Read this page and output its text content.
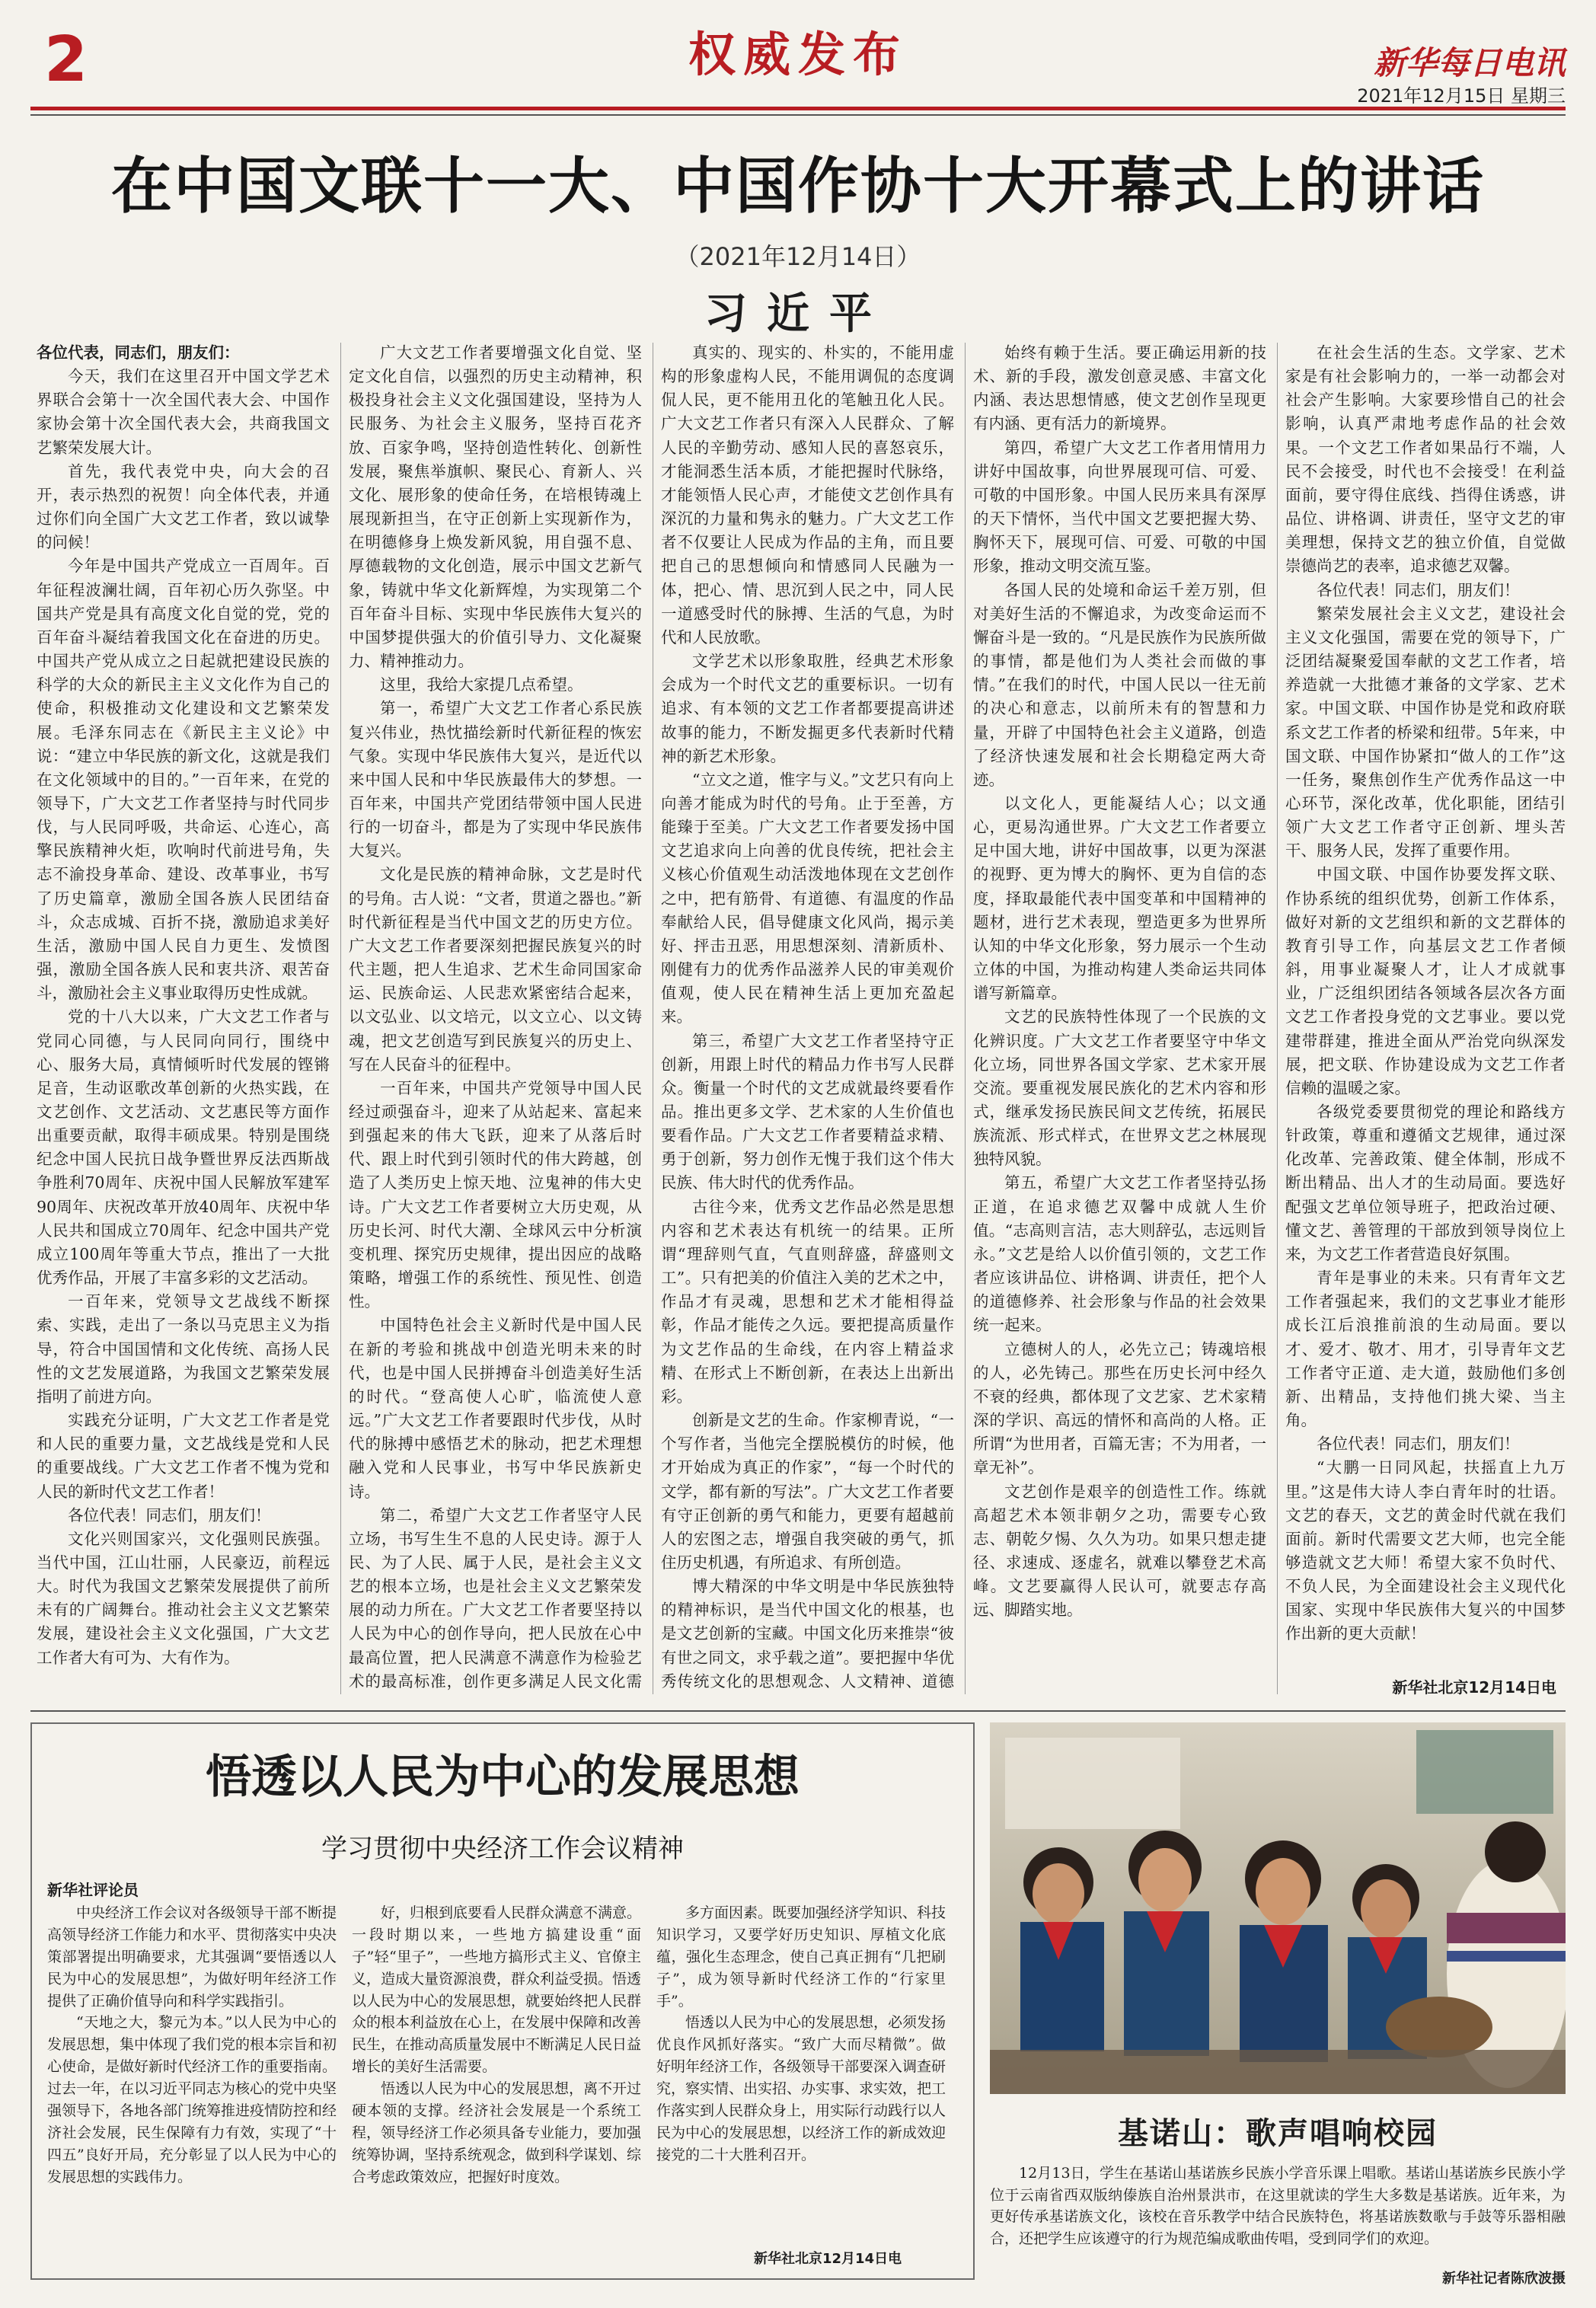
2	权威发布	新华每日电讯
2021年12月15日 星期三
在中国文联十一大、中国作协十大开幕式上的讲话
（2021年12月14日）
习近平

各位代表，同志们，朋友们：

今天，我们在这里召开中国文学艺术界联合会第十一次全国代表大会、中国作家协会第十次全国代表大会，共商我国文艺繁荣发展大计。

首先，我代表党中央，向大会的召开，表示热烈的祝贺！向全体代表，并通过你们向全国广大文艺工作者，致以诚挚的问候！

今年是中国共产党成立一百周年。百年征程波澜壮阔，百年初心历久弥坚。中国共产党是具有高度文化自觉的党，党的百年奋斗凝结着我国文化在奋进的历史。中国共产党从成立之日起就把建设民族的科学的大众的新民主主义文化作为自己的使命，积极推动文化建设和文艺繁荣发展。毛泽东同志在《新民主主义论》中说：“建立中华民族的新文化，这就是我们在文化领域中的目的。”一百年来，在党的领导下，广大文艺工作者坚持与时代同步伐，与人民同呼吸，共命运、心连心，高擎民族精神火炬，吹响时代前进号角，失志不渝投身革命、建设、改革事业，书写了历史篇章，激励全国各族人民团结奋斗，众志成城、百折不挠，激励追求美好生活，激励中国人民自力更生、发愤图强，激励全国各族人民和衷共济、艰苦奋斗，激励社会主义事业取得历史性成就。

党的十八大以来，广大文艺工作者与党同心同德，与人民同向同行，围绕中心、服务大局，真情倾听时代发展的铿锵足音，生动讴歌改革创新的火热实践，在文艺创作、文艺活动、文艺惠民等方面作出重要贡献，取得丰硕成果。特别是围绕纪念中国人民抗日战争暨世界反法西斯战争胜利70周年、庆祝中国人民解放军建军90周年、庆祝改革开放40周年、庆祝中华人民共和国成立70周年、纪念中国共产党成立100周年等重大节点，推出了一大批优秀作品，开展了丰富多彩的文艺活动。

一百年来，党领导文艺战线不断探索、实践，走出了一条以马克思主义为指导，符合中国国情和文化传统、高扬人民性的文艺发展道路，为我国文艺繁荣发展指明了前进方向。

实践充分证明，广大文艺工作者是党和人民的重要力量，文艺战线是党和人民的重要战线。广大文艺工作者不愧为党和人民的新时代文艺工作者！

各位代表！同志们，朋友们！

文化兴则国家兴，文化强则民族强。当代中国，江山壮丽，人民豪迈，前程远大。时代为我国文艺繁荣发展提供了前所未有的广阔舞台。推动社会主义文艺繁荣发展，建设社会主义文化强国，广大文艺工作者大有可为、大有作为。

广大文艺工作者要增强文化自觉、坚定文化自信，以强烈的历史主动精神，积极投身社会主义文化强国建设，坚持为人民服务、为社会主义服务，坚持百花齐放、百家争鸣，坚持创造性转化、创新性发展，聚焦举旗帜、聚民心、育新人、兴文化、展形象的使命任务，在培根铸魂上展现新担当，在守正创新上实现新作为，在明德修身上焕发新风貌，用自强不息、厚德载物的文化创造，展示中国文艺新气象，铸就中华文化新辉煌，为实现第二个百年奋斗目标、实现中华民族伟大复兴的中国梦提供强大的价值引导力、文化凝聚力、精神推动力。

这里，我给大家提几点希望。

第一，希望广大文艺工作者心系民族复兴伟业，热忱描绘新时代新征程的恢宏气象。实现中华民族伟大复兴，是近代以来中国人民和中华民族最伟大的梦想。一百年来，中国共产党团结带领中国人民进行的一切奋斗，都是为了实现中华民族伟大复兴。

文化是民族的精神命脉，文艺是时代的号角。古人说：“文者，贯道之器也。”新时代新征程是当代中国文艺的历史方位。广大文艺工作者要深刻把握民族复兴的时代主题，把人生追求、艺术生命同国家命运、民族命运、人民悲欢紧密结合起来，以文弘业、以文培元，以文立心、以文铸魂，把文艺创造写到民族复兴的历史上、写在人民奋斗的征程中。

一百年来，中国共产党领导中国人民经过顽强奋斗，迎来了从站起来、富起来到强起来的伟大飞跃，迎来了从落后时代、跟上时代到引领时代的伟大跨越，创造了人类历史上惊天地、泣鬼神的伟大史诗。广大文艺工作者要树立大历史观，从历史长河、时代大潮、全球风云中分析演变机理、探究历史规律，提出因应的战略策略，增强工作的系统性、预见性、创造性。

中国特色社会主义新时代是中国人民在新的考验和挑战中创造光明未来的时代，也是中国人民拼搏奋斗创造美好生活的时代。“登高使人心旷，临流使人意远。”广大文艺工作者要跟时代步伐，从时代的脉搏中感悟艺术的脉动，把艺术理想融入党和人民事业，书写中华民族新史诗。

第二，希望广大文艺工作者坚守人民立场，书写生生不息的人民史诗。源于人民、为了人民、属于人民，是社会主义文艺的根本立场，也是社会主义文艺繁荣发展的动力所在。广大文艺工作者要坚持以人民为中心的创作导向，把人民放在心中最高位置，把人民满意不满意作为检验艺术的最高标准，创作更多满足人民文化需

真实的、现实的、朴实的，不能用虚构的形象虚构人民，不能用调侃的态度调侃人民，更不能用丑化的笔触丑化人民。广大文艺工作者只有深入人民群众、了解人民的辛勤劳动、感知人民的喜怒哀乐，才能洞悉生活本质，才能把握时代脉络，才能领悟人民心声，才能使文艺创作具有深沉的力量和隽永的魅力。广大文艺工作者不仅要让人民成为作品的主角，而且要把自己的思想倾向和情感同人民融为一体，把心、情、思沉到人民之中，同人民一道感受时代的脉搏、生活的气息，为时代和人民放歌。

文学艺术以形象取胜，经典艺术形象会成为一个时代文艺的重要标识。一切有追求、有本领的文艺工作者都要提高讲述故事的能力，不断发掘更多代表新时代精神的新艺术形象。

“立文之道，惟字与义。”文艺只有向上向善才能成为时代的号角。止于至善，方能臻于至美。广大文艺工作者要发扬中国文艺追求向上向善的优良传统，把社会主义核心价值观生动活泼地体现在文艺创作之中，把有筋骨、有道德、有温度的作品奉献给人民，倡导健康文化风尚，揭示美好、抨击丑恶，用思想深刻、清新质朴、刚健有力的优秀作品滋养人民的审美观价值观，使人民在精神生活上更加充盈起来。

第三，希望广大文艺工作者坚持守正创新，用跟上时代的精品力作书写人民群众。衡量一个时代的文艺成就最终要看作品。推出更多文学、艺术家的人生价值也要看作品。广大文艺工作者要精益求精、勇于创新，努力创作无愧于我们这个伟大民族、伟大时代的优秀作品。

古往今来，优秀文艺作品必然是思想内容和艺术表达有机统一的结果。正所谓“理辞则气直，气直则辞盛，辞盛则文工”。只有把美的价值注入美的艺术之中，作品才有灵魂，思想和艺术才能相得益彰，作品才能传之久远。要把提高质量作为文艺作品的生命线，在内容上精益求精、在形式上不断创新，在表达上出新出彩。

创新是文艺的生命。作家柳青说，“一个写作者，当他完全摆脱模仿的时候，他才开始成为真正的作家”，“每一个时代的文学，都有新的写法”。广大文艺工作者要有守正创新的勇气和能力，更要有超越前人的宏图之志，增强自我突破的勇气，抓住历史机遇，有所追求、有所创造。

博大精深的中华文明是中华民族独特的精神标识，是当代中国文化的根基，也是文艺创新的宝藏。中国文化历来推崇“彼有世之同文，求乎载之道”。要把握中华优秀传统文化的思想观念、人文精神、道德

始终有赖于生活。要正确运用新的技术、新的手段，激发创意灵感、丰富文化内涵、表达思想情感，使文艺创作呈现更有内涵、更有活力的新境界。

第四，希望广大文艺工作者用情用力讲好中国故事，向世界展现可信、可爱、可敬的中国形象。中国人民历来具有深厚的天下情怀，当代中国文艺要把握大势、胸怀天下，展现可信、可爱、可敬的中国形象，推动文明交流互鉴。

各国人民的处境和命运千差万别，但对美好生活的不懈追求，为改变命运而不懈奋斗是一致的。“凡是民族作为民族所做的事情，都是他们为人类社会而做的事情。”在我们的时代，中国人民以一往无前的决心和意志，以前所未有的智慧和力量，开辟了中国特色社会主义道路，创造了经济快速发展和社会长期稳定两大奇迹。

以文化人，更能凝结人心；以文通心，更易沟通世界。广大文艺工作者要立足中国大地，讲好中国故事，以更为深湛的视野、更为博大的胸怀、更为自信的态度，择取最能代表中国变革和中国精神的题材，进行艺术表现，塑造更多为世界所认知的中华文化形象，努力展示一个生动立体的中国，为推动构建人类命运共同体谱写新篇章。

文艺的民族特性体现了一个民族的文化辨识度。广大文艺工作者要坚守中华文化立场，同世界各国文学家、艺术家开展交流。要重视发展民族化的艺术内容和形式，继承发扬民族民间文艺传统，拓展民族流派、形式样式，在世界文艺之林展现独特风貌。

第五，希望广大文艺工作者坚持弘扬正道，在追求德艺双馨中成就人生价值。“志高则言洁，志大则辞弘，志远则旨永。”文艺是给人以价值引领的，文艺工作者应该讲品位、讲格调、讲责任，把个人的道德修养、社会形象与作品的社会效果统一起来。

立德树人的人，必先立己；铸魂培根的人，必先铸己。那些在历史长河中经久不衰的经典，都体现了文艺家、艺术家精深的学识、高远的情怀和高尚的人格。正所谓“为世用者，百篇无害；不为用者，一章无补”。

文艺创作是艰辛的创造性工作。练就高超艺术本领非朝夕之功，需要专心致志、朝乾夕惕、久久为功。如果只想走捷径、求速成、逐虚名，就难以攀登艺术高峰。文艺要赢得人民认可，就要志存高远、脚踏实地。

在社会生活的生态。文学家、艺术家是有社会影响力的，一举一动都会对社会产生影响。大家要珍惜自己的社会影响，认真严肃地考虑作品的社会效果。一个文艺工作者如果品行不端，人民不会接受，时代也不会接受！在利益面前，要守得住底线、挡得住诱惑，讲品位、讲格调、讲责任，坚守文艺的审美理想，保持文艺的独立价值，自觉做崇德尚艺的表率，追求德艺双馨。

各位代表！同志们，朋友们！

繁荣发展社会主义文艺，建设社会主义文化强国，需要在党的领导下，广泛团结凝聚爱国奉献的文艺工作者，培养造就一大批德才兼备的文学家、艺术家。中国文联、中国作协是党和政府联系文艺工作者的桥梁和纽带。5年来，中国文联、中国作协紧扣“做人的工作”这一任务，聚焦创作生产优秀作品这一中心环节，深化改革，优化职能，团结引领广大文艺工作者守正创新、埋头苦干、服务人民，发挥了重要作用。

中国文联、中国作协要发挥文联、作协系统的组织优势，创新工作体系，做好对新的文艺组织和新的文艺群体的教育引导工作，向基层文艺工作者倾斜，用事业凝聚人才，让人才成就事业，广泛组织团结各领域各层次各方面文艺工作者投身党的文艺事业。要以党建带群建，推进全面从严治党向纵深发展，把文联、作协建设成为文艺工作者信赖的温暖之家。

各级党委要贯彻党的理论和路线方针政策，尊重和遵循文艺规律，通过深化改革、完善政策、健全体制，形成不断出精品、出人才的生动局面。要选好配强文艺单位领导班子，把政治过硬、懂文艺、善管理的干部放到领导岗位上来，为文艺工作者营造良好氛围。

青年是事业的未来。只有青年文艺工作者强起来，我们的文艺事业才能形成长江后浪推前浪的生动局面。要以才、爱才、敬才、用才，引导青年文艺工作者守正道、走大道，鼓励他们多创新、出精品，支持他们挑大梁、当主角。

各位代表！同志们，朋友们！

“大鹏一日同风起，扶摇直上九万里。”这是伟大诗人李白青年时的壮语。文艺的春天，文艺的黄金时代就在我们面前。新时代需要文艺大师，也完全能够造就文艺大师！希望大家不负时代、不负人民，为全面建设社会主义现代化国家、实现中华民族伟大复兴的中国梦作出新的更大贡献！

新华社北京12月14日电
悟透以人民为中心的发展思想
学习贯彻中央经济工作会议精神
新华社评论员

中央经济工作会议对各级领导干部不断提高领导经济工作能力和水平、贯彻落实中央决策部署提出明确要求，尤其强调“要悟透以人民为中心的发展思想”，为做好明年经济工作提供了正确价值导向和科学实践指引。

“天地之大，黎元为本。”以人民为中心的发展思想，集中体现了我们党的根本宗旨和初心使命，是做好新时代经济工作的重要指南。过去一年，在以习近平同志为核心的党中央坚强领导下，各地各部门统筹推进疫情防控和经济社会发展，民生保障有力有效，实现了“十四五”良好开局，充分彰显了以人民为中心的发展思想的实践伟力。

好，归根到底要看人民群众满意不满意。一段时期以来，一些地方搞建设重“面子”轻“里子”，一些地方搞形式主义、官僚主义，造成大量资源浪费，群众利益受损。悟透以人民为中心的发展思想，就要始终把人民群众的根本利益放在心上，在发展中保障和改善民生，在推动高质量发展中不断满足人民日益增长的美好生活需要。

悟透以人民为中心的发展思想，离不开过硬本领的支撑。经济社会发展是一个系统工程，领导经济工作必须具备专业能力，要加强统筹协调，坚持系统观念，做到科学谋划、综合考虑政策效应，把握好时度效。

多方面因素。既要加强经济学知识、科技知识学习，又要学好历史知识、厚植文化底蕴，强化生态理念，使自己真正拥有“几把刷子”，成为领导新时代经济工作的“行家里手”。

悟透以人民为中心的发展思想，必须发扬优良作风抓好落实。“致广大而尽精微”。做好明年经济工作，各级领导干部要深入调查研究，察实情、出实招、办实事、求实效，把工作落实到人民群众身上，用实际行动践行以人民为中心的发展思想，以经济工作的新成效迎接党的二十大胜利召开。

新华社北京12月14日电
基诺山：歌声唱响校园
12月13日，学生在基诺山基诺族乡民族小学音乐课上唱歌。基诺山基诺族乡民族小学位于云南省西双版纳傣族自治州景洪市，在这里就读的学生大多数是基诺族。近年来，为更好传承基诺族文化，该校在音乐教学中结合民族特色，将基诺族数歌与手鼓等乐器相融合，还把学生应该遵守的行为规范编成歌曲传唱，受到同学们的欢迎。
新华社记者陈欣波摄
